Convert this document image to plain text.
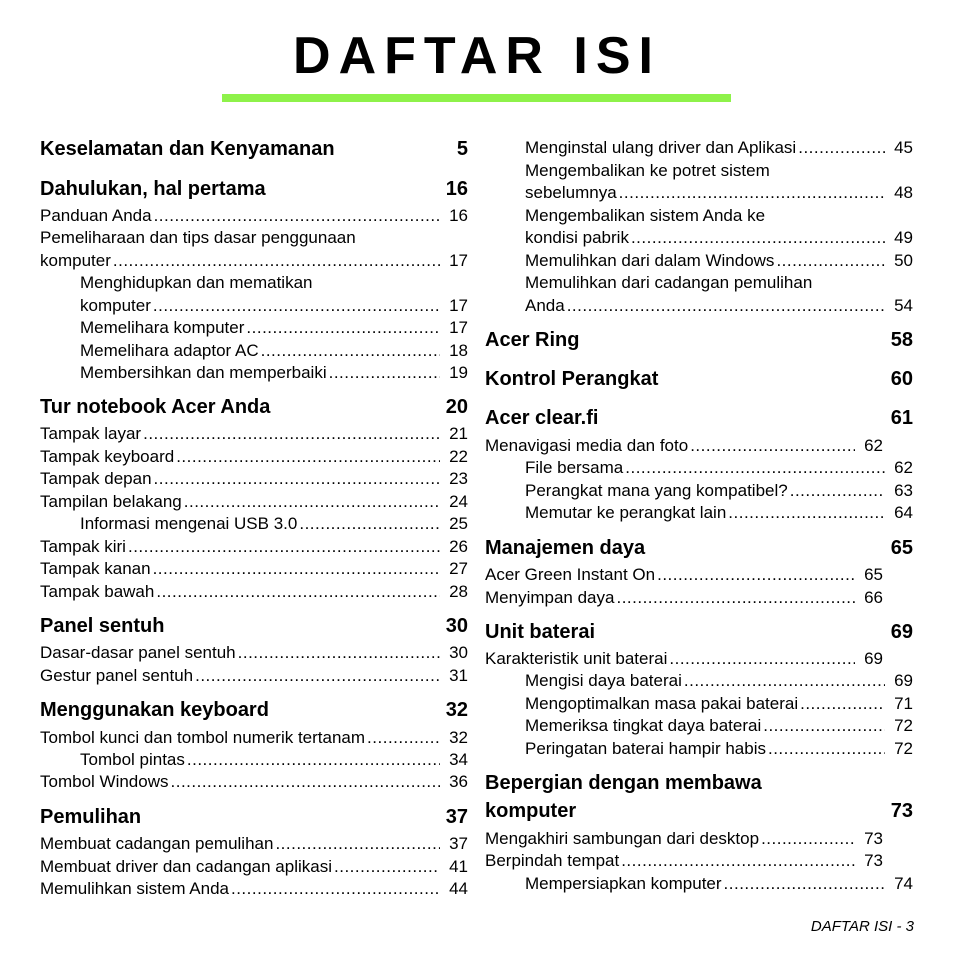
DAFTAR ISI
Keselamatan dan Kenyamanan	5
Dahulukan, hal pertama	16
Panduan Anda .....	16
Pemeliharaan dan tips dasar penggunaan
komputer .....	17
Menghidupkan dan mematikan
komputer .....	17
Memelihara komputer .....	17
Memelihara adaptor AC .....	18
Membersihkan dan memperbaiki .....	19
Tur notebook Acer Anda	20
Tampak layar .....	21
Tampak keyboard .....	22
Tampak depan .....	23
Tampilan belakang .....	24
Informasi mengenai USB 3.0 .....	25
Tampak kiri .....	26
Tampak kanan .....	27
Tampak bawah .....	28
Panel sentuh	30
Dasar-dasar panel sentuh .....	30
Gestur panel sentuh .....	31
Menggunakan keyboard	32
Tombol kunci dan tombol numerik tertanam .....	32
Tombol pintas .....	34
Tombol Windows .....	36
Pemulihan	37
Membuat cadangan pemulihan .....	37
Membuat driver dan cadangan aplikasi .....	41
Memulihkan sistem Anda .....	44
Menginstal ulang driver dan Aplikasi .....	45
Mengembalikan ke potret sistem
sebelumnya .....	48
Mengembalikan sistem Anda ke
kondisi pabrik .....	49
Memulihkan dari dalam Windows .....	50
Memulihkan dari cadangan pemulihan
Anda .....	54
Acer Ring	58
Kontrol Perangkat	60
Acer clear.fi	61
Menavigasi media dan foto .....	62
File bersama .....	62
Perangkat mana yang kompatibel? .....	63
Memutar ke perangkat lain .....	64
Manajemen daya	65
Acer Green Instant On .....	65
Menyimpan daya .....	66
Unit baterai	69
Karakteristik unit baterai .....	69
Mengisi daya baterai .....	69
Mengoptimalkan masa pakai baterai .....	71
Memeriksa tingkat daya baterai .....	72
Peringatan baterai hampir habis .....	72
Bepergian dengan membawa
komputer	73
Mengakhiri sambungan dari desktop .....	73
Berpindah tempat .....	73
Mempersiapkan komputer .....	74
DAFTAR ISI - 3
